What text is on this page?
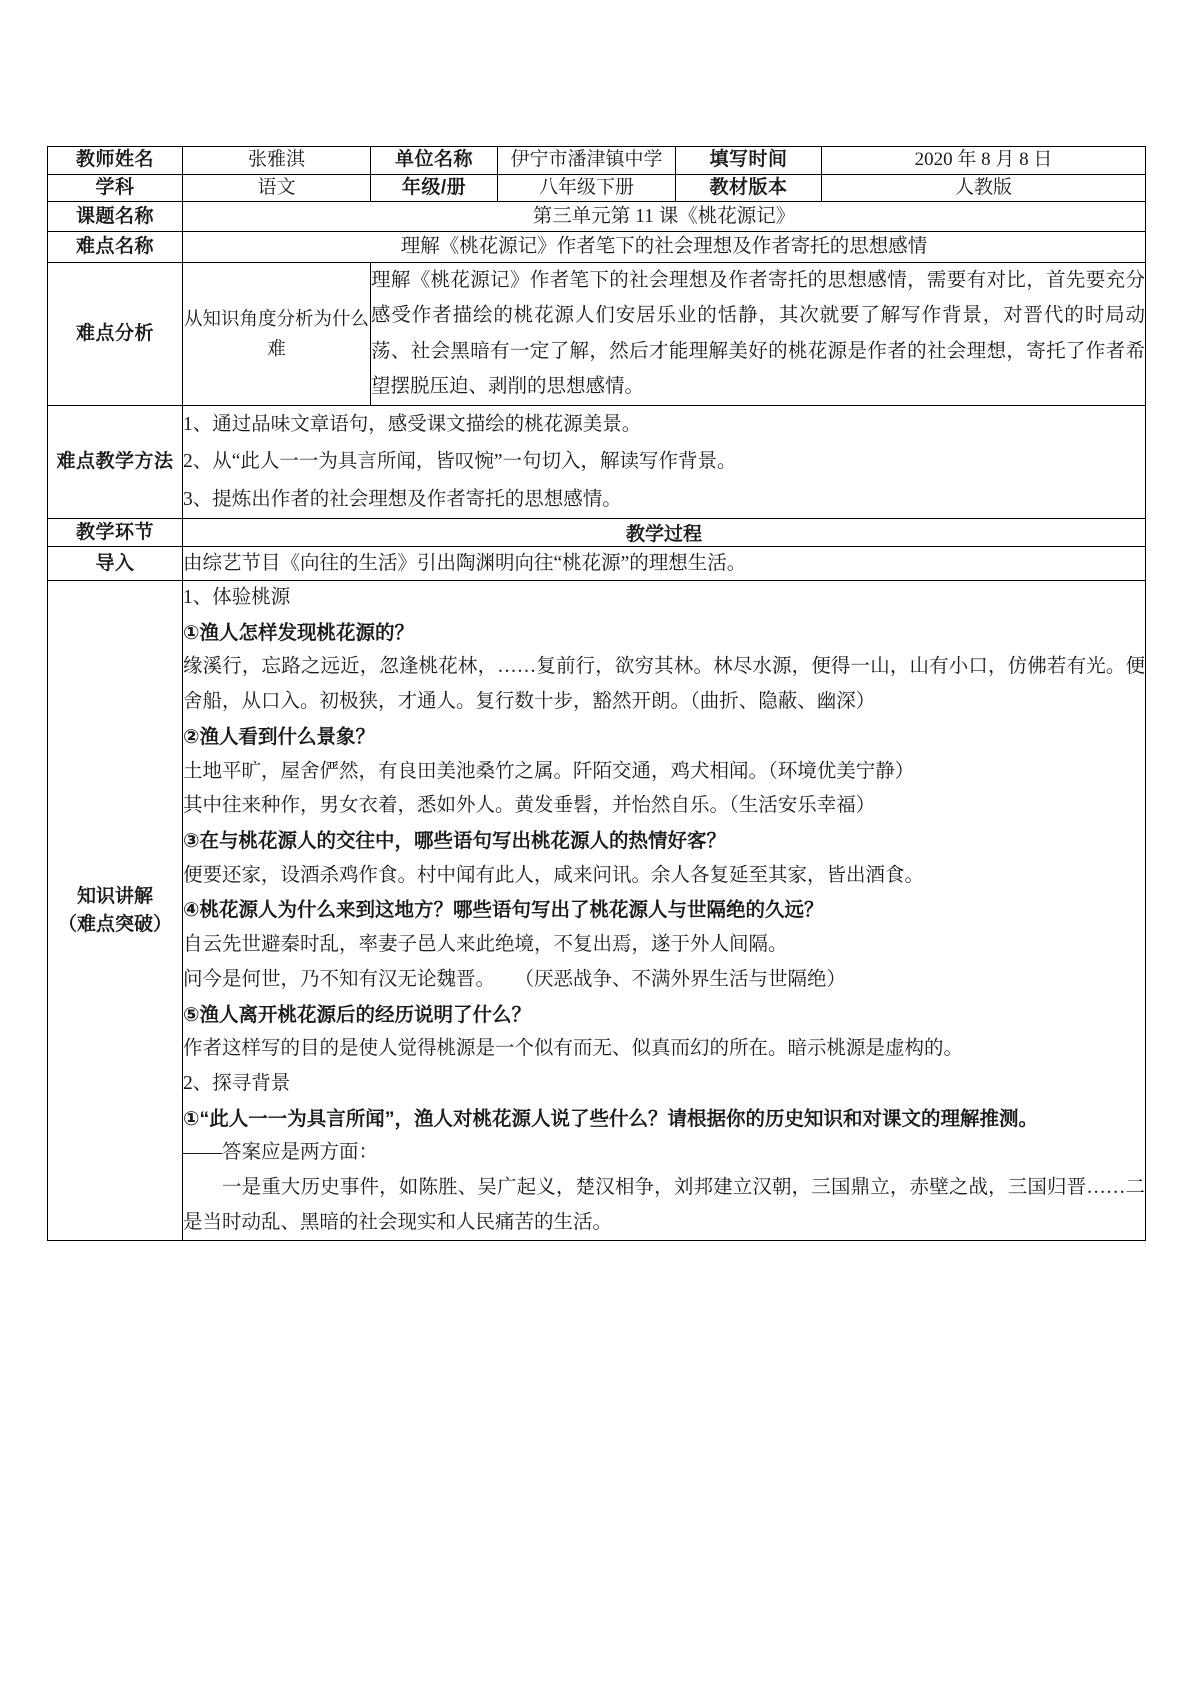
教师姓名	张雅淇	单位名称	伊宁市潘津镇中学	填写时间	2020 年 8 月 8 日
学科	语文	年级/册	八年级下册	教材版本	人教版
课题名称	第三单元第 11 课《桃花源记》				
难点名称	理解《桃花源记》作者笔下的社会理想及作者寄托的思想感情				
难点分析	从知识角度分析为什么难	理解《桃花源记》作者笔下的社会理想及作者寄托的思想感情，需要有对比，首先要充分感受作者描绘的桃花源人们安居乐业的恬静，其次就要了解写作背景，对晋代的时局动荡、社会黑暗有一定了解，然后才能理解美好的桃花源是作者的社会理想，寄托了作者希望摆脱压迫、剥削的思想感情。			
难点教学方法	1、通过品味文章语句，感受课文描绘的桃花源美景。
2、从“此人一一为具言所闻，皆叹惋”一句切入，解读写作背景。
3、提炼出作者的社会理想及作者寄托的思想感情。				

教学环节	教学过程				
导入	由综艺节目《向往的生活》引出陶渊明向往“桃花源”的理想生活。				

知识讲解
（难点突破）

1、体验桃源

①渔人怎样发现桃花源的？

缘溪行，忘路之远近，忽逢桃花林，……复前行，欲穷其林。林尽水源，便得一山，山有小口，仿佛若有光。便舍船，从口入。初极狭，才通人。复行数十步，豁然开朗。（曲折、隐蔽、幽深）

②渔人看到什么景象？

土地平旷，屋舍俨然，有良田美池桑竹之属。阡陌交通，鸡犬相闻。（环境优美宁静）

其中往来种作，男女衣着，悉如外人。黄发垂髫，并怡然自乐。（生活安乐幸福）

③在与桃花源人的交往中，哪些语句写出桃花源人的热情好客？

便要还家，设酒杀鸡作食。村中闻有此人，咸来问讯。余人各复延至其家，皆出酒食。

④桃花源人为什么来到这地方？哪些语句写出了桃花源人与世隔绝的久远？

自云先世避秦时乱，率妻子邑人来此绝境，不复出焉，遂于外人间隔。

问今是何世，乃不知有汉无论魏晋。　　（厌恶战争、不满外界生活与世隔绝）

⑤渔人离开桃花源后的经历说明了什么？

作者这样写的目的是使人觉得桃源是一个似有而无、似真而幻的所在。暗示桃源是虚构的。

2、探寻背景

①“此人一一为具言所闻”，渔人对桃花源人说了些什么？请根据你的历史知识和对课文的理解推测。

——答案应是两方面：

一是重大历史事件，如陈胜、吴广起义，楚汉相争，刘邦建立汉朝，三国鼎立，赤壁之战，三国归晋……二是当时动乱、黑暗的社会现实和人民痛苦的生活。
